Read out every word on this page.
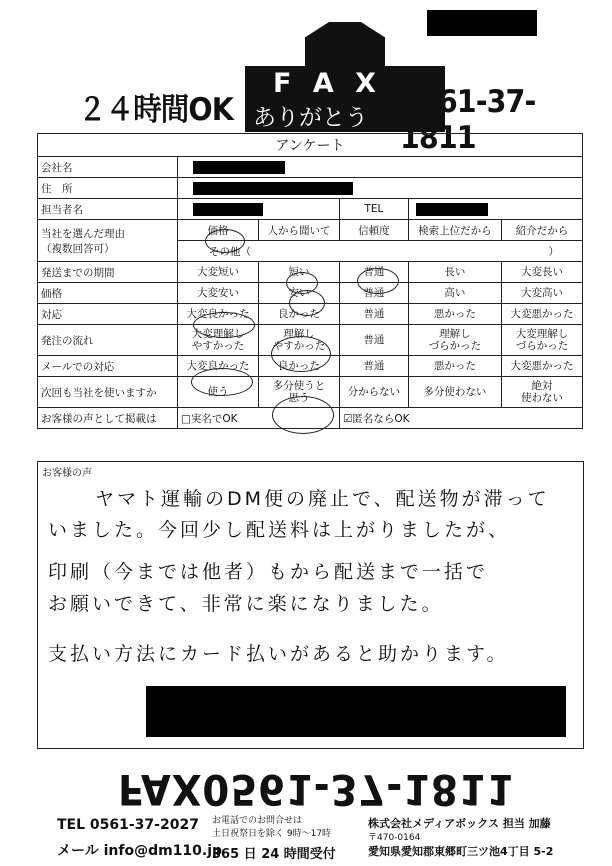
２４時間OK
F A X
ありがとう 0561-37-1811
アンケート					
会社名					
住　所					
担当者名			TEL		

当社を選んだ理由
（複数回答可）	価格	人から聞いて	信頼度	検索上位だから	紹介だから
	その他（ ）				

発送までの期間	大変短い	短い	普通	長い	大変長い
価格	大変安い	安い	普通	高い	大変高い
対応	大変良かった	良かった	普通	悪かった	大変悪かった
発注の流れ	大変理解し
やすかった	理解し
やすかった	普通	理解し
づらかった	大変理解し
づらかった
メールでの対応	大変良かった	良かった	普通	悪かった	大変悪かった
次回も当社を使いますか	使う	多分使うと
思う	分からない	多分使わない	絶対
使わない
お客様の声として掲載は	□実名でOK		☑匿名ならOK		
お客様の声
ヤマト運輸のDM便の廃止で、配送物が滞って
いました。今回少し配送料は上がりましたが、
印刷（今までは他者）もから配送まで一括で
お願いできて、非常に楽になりました。
支払い方法にカード払いがあると助かります。
FAX0561-37-1811
TEL 0561-37-2027
メール info@dm110.jp
お電話でのお問合せは
土日祝祭日を除く 9時〜17時
365 日 24 時間受付
株式会社メディアボックス 担当 加藤
〒470-0164
愛知県愛知郡東郷町三ツ池4丁目 5-2
